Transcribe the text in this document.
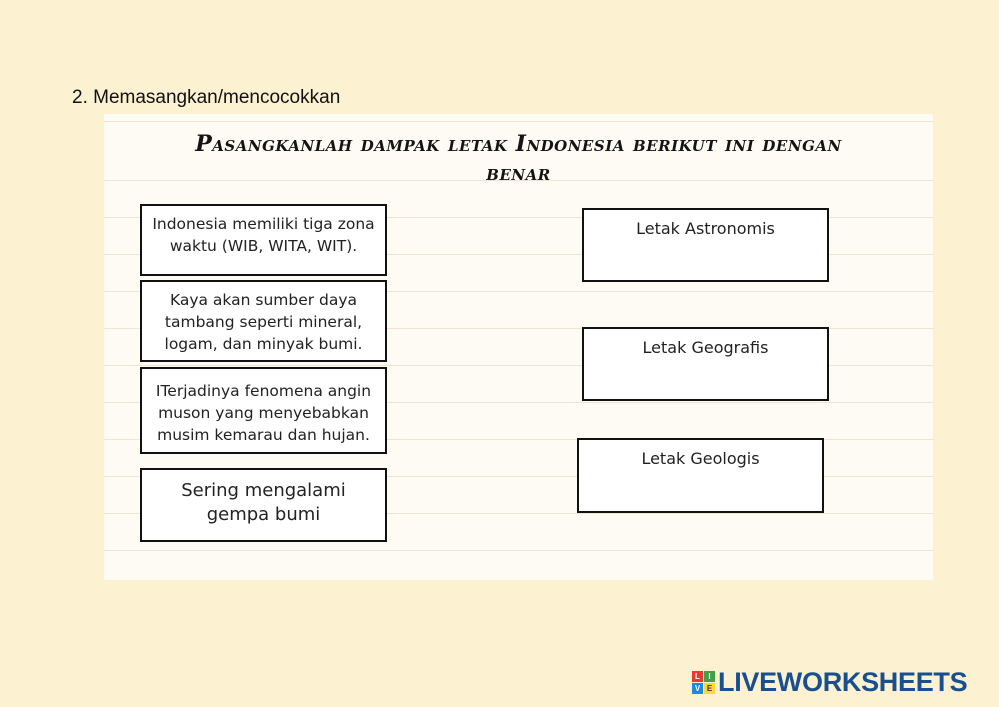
2. Memasangkan/mencocokkan
Pasangkanlah dampak letak Indonesia berikut ini dengan
benar
Indonesia memiliki tiga zona waktu (WIB, WITA, WIT).
Kaya akan sumber daya tambang seperti mineral, logam, dan minyak bumi.
ITerjadinya fenomena angin muson yang menyebabkan musim kemarau dan hujan.
Sering mengalami gempa bumi
Letak Astronomis
Letak Geografis
Letak Geologis
L	I
V E LIVEWORKSHEETS
